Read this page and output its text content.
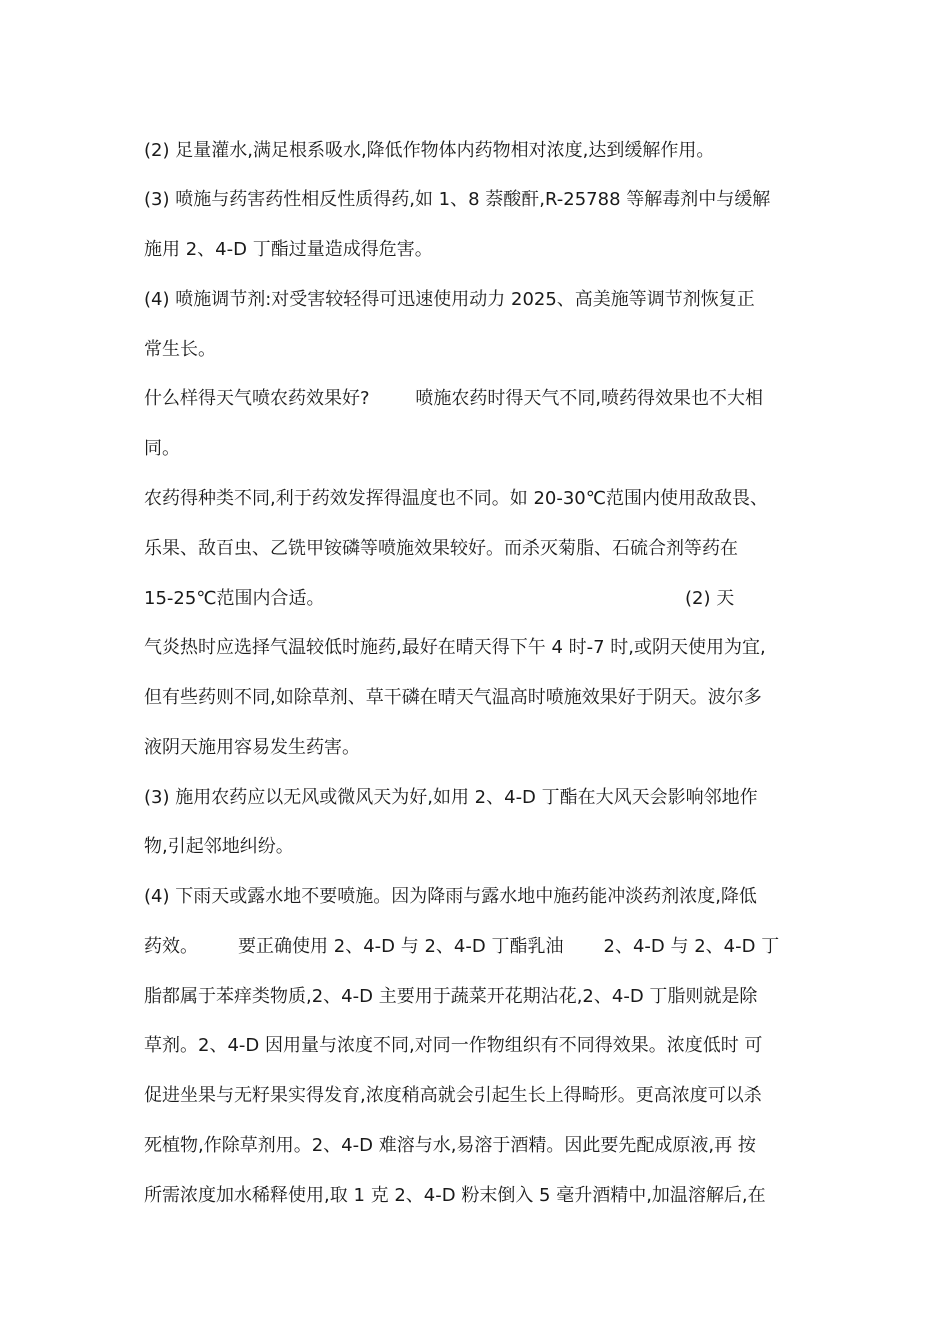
(2) 足量灌水,满足根系吸水,降低作物体内药物相对浓度,达到缓解作用。
(3) 喷施与药害药性相反性质得药,如 1、8 萘酸酐,R-25788 等解毒剂中与缓解
施用 2、4-D 丁酯过量造成得危害。
(4) 喷施调节剂:对受害较轻得可迅速使用动力 2025、高美施等调节剂恢复正
常生长。
什么样得天气喷农药效果好?        喷施农药时得天气不同,喷药得效果也不大相
同。
农药得种类不同,利于药效发挥得温度也不同。如 20-30℃范围内使用敌敌畏、
乐果、敌百虫、乙铣甲铵磷等喷施效果较好。而杀灭菊脂、石硫合剂等药在
15-25℃范围内合适。                                                               (2) 天
气炎热时应选择气温较低时施药,最好在晴天得下午 4 时-7 时,或阴天使用为宜,
但有些药则不同,如除草剂、草干磷在晴天气温高时喷施效果好于阴天。波尔多
液阴天施用容易发生药害。
(3) 施用农药应以无风或微风天为好,如用 2、4-D 丁酯在大风天会影响邻地作
物,引起邻地纠纷。
(4) 下雨天或露水地不要喷施。因为降雨与露水地中施药能冲淡药剂浓度,降低
药效。       要正确使用 2、4-D 与 2、4-D 丁酯乳油       2、4-D 与 2、4-D 丁
脂都属于苯痒类物质,2、4-D 主要用于蔬菜开花期沾花,2、4-D 丁脂则就是除
草剂。2、4-D 因用量与浓度不同,对同一作物组织有不同得效果。浓度低时 可
促进坐果与无籽果实得发育,浓度稍高就会引起生长上得畸形。更高浓度可以杀
死植物,作除草剂用。2、4-D 难溶与水,易溶于酒精。因此要先配成原液,再 按
所需浓度加水稀释使用,取 1 克 2、4-D 粉末倒入 5 毫升酒精中,加温溶解后,在
